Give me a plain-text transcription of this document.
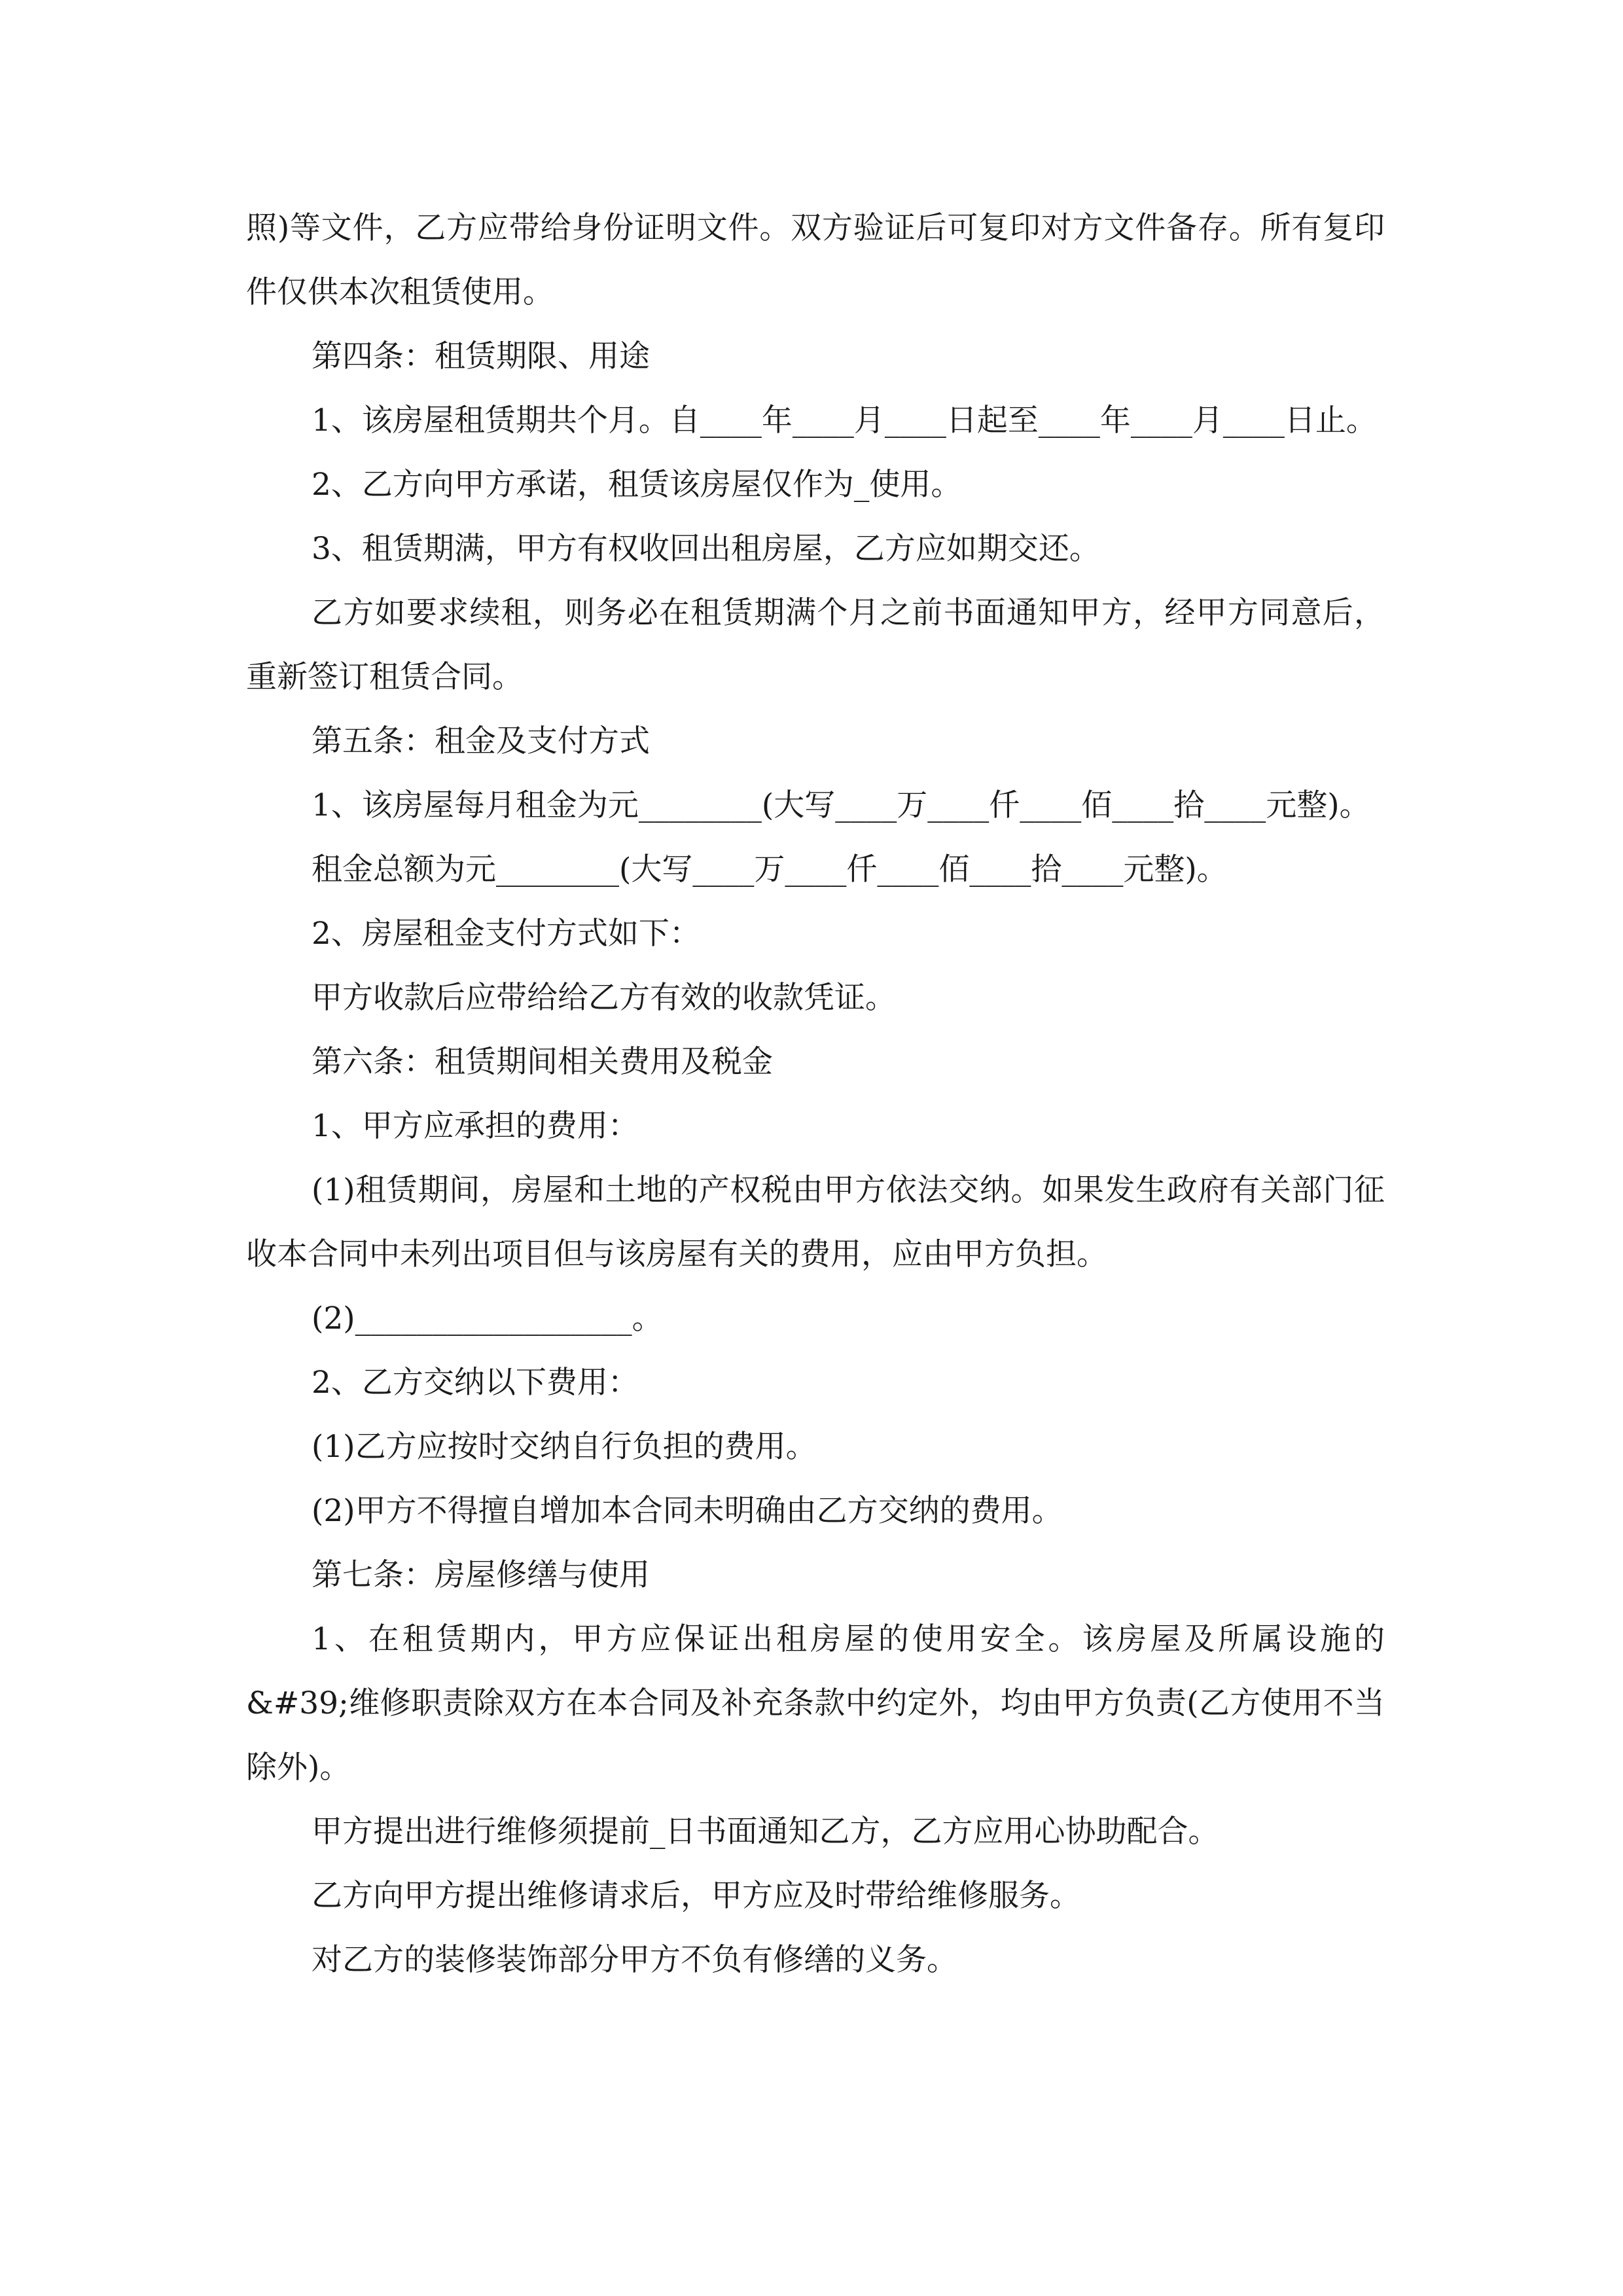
照)等文件，乙方应带给身份证明文件。双方验证后可复印对方文件备存。所有复印件仅供本次租赁使用。

第四条：租赁期限、用途

1、该房屋租赁期共个月。自____年____月____日起至____年____月____日止。

2、乙方向甲方承诺，租赁该房屋仅作为_使用。

3、租赁期满，甲方有权收回出租房屋，乙方应如期交还。

乙方如要求续租，则务必在租赁期满个月之前书面通知甲方，经甲方同意后，重新签订租赁合同。

第五条：租金及支付方式

1、该房屋每月租金为元________(大写____万____仟____佰____拾____元整)。

租金总额为元________(大写____万____仟____佰____拾____元整)。

2、房屋租金支付方式如下：

甲方收款后应带给给乙方有效的收款凭证。

第六条：租赁期间相关费用及税金

1、甲方应承担的费用：

(1)租赁期间，房屋和土地的产权税由甲方依法交纳。如果发生政府有关部门征收本合同中未列出项目但与该房屋有关的费用，应由甲方负担。

(2)__________________。

2、乙方交纳以下费用：

(1)乙方应按时交纳自行负担的费用。

(2)甲方不得擅自增加本合同未明确由乙方交纳的费用。

第七条：房屋修缮与使用

1、在租赁期内，甲方应保证出租房屋的使用安全。该房屋及所属设施的&#39;维修职责除双方在本合同及补充条款中约定外，均由甲方负责(乙方使用不当除外)。

甲方提出进行维修须提前_日书面通知乙方，乙方应用心协助配合。

乙方向甲方提出维修请求后，甲方应及时带给维修服务。

对乙方的装修装饰部分甲方不负有修缮的义务。
